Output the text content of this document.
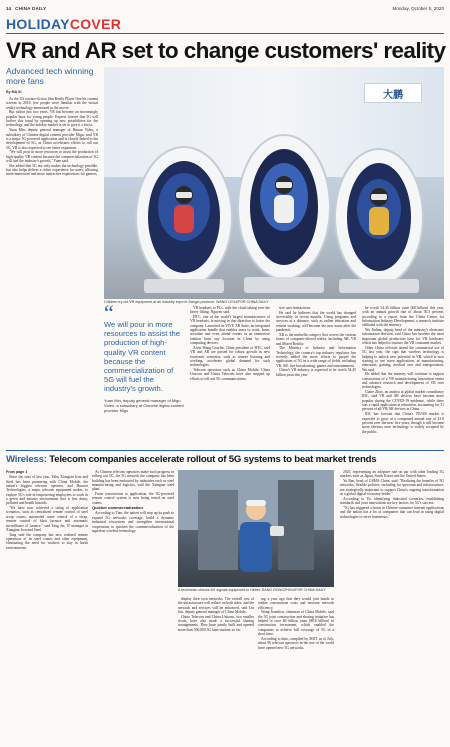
14 CHINA DAILY	Monday, October 5, 2020
HOLIDAYCOVER
VR and AR set to change customers' reality
Advanced tech winning more fans
By MA SI

As the US science-fiction film Ready Player One hit cinema screens in 2018, few people were familiar with the virtual reality technology mentioned in the movie.

But within just two years, VR has become an increasingly popular buzz for young people. Experts foresee that 5G will further this trend by opening up new possibilities for the technology, and the holiday market is set to give it a boost.

Yuan Min, deputy general manager of Hunan Video, a subsidiary of Chinese digital content provider Migu, said VR is a major 5G-powered application and is closely linked to the development of 5G, as China accelerates efforts to roll out 5G, VR is also expected to see faster expansion.

"We will pour in more resources to assist the production of high-quality VR content because the commercialization of 5G will fuel the industry's growth," Yuan said.

She added that 5G not only makes the technology possible, but also helps deliver a richer experience for users, allowing more immersive and more interactive experiences for gamers.

大鹏
Children try out VR equipment at an industry expo in Jiangxi province. WANG LEIXI/FOR CHINA DAILY
“
We will pour in more resources to assist the production of high-quality VR content because the commercialization of 5G will fuel the industry's growth.
Yuan Min, deputy general manager of Migu Video, a subsidiary of Chinese digital content provider Migu

VR headsets to PCs, with the cloud taking over the heavy lifting, Nguyen said.

HTC, one of the world's largest manufacturers of VR headsets, is moving in that direction to foster the company. Launched its VIVE XR Suite, an integrated application bundle that enables users to work, learn, socialize and even attend events in an immersive fashion from any location in China by using computing devices.

Alvin Wang Graylin, China president of HTC, said VR and AR are poised for robust growth as new economic scenarios, such as remote learning and working, accelerate global demand for such technologies.

Telecom operators such as China Mobile, China Unicom and China Telecom have also stepped up efforts to roll out 5G communications.

sive user interactions.

He said he believes that the world has changed irreversibly in recent months. Using programs and services at a distance, such as online education and remote working, will become the new norm after the pandemic.

XR is the umbrella category that covers the various forms of computer-altered reality, including AR, VR and Mixed Reality.

The Ministry of Industry and Information Technology, the country's top industry regulator, has recently added the more efforts to propel the application of 5G in a wide range of fields, including VR, AR, live broadcasting, games and entertainment.

China's VR industry is expected to be worth 54.45 billion yuan this year.

be worth 54.45 billion yuan ($8 billion) this year, with an annual growth rate of about 30.3 percent, according to a report from the China Center for Information Industry Development, a research institute affiliated with the ministry.

Wu Jinlian, deputy head of the ministry's electronic information division, said China has become the most important global production base for VR hardware, which has helped to nurture the VR consumer market.

Other China officials attend the commercial use of 5G last year, the sign that wireless technology is helping to unlock new potential in VR, which is now starting to see more applications in manufacturing, education, gaming, medical care and transportation, Wu said.

He added that the ministry will continue to support construction of a VR manufacturing innovation center and advance research and development of VR core technologies.

Claire Zhao, an analyst at global market consultancy IDC, said VR and AR devices have become more popular during the COVID-19 epidemic, while there was a rapid application in education, accounting for 31 percent of all VR/AR devices in China.

IDC has forecast that China's VR/AR market is expected to grow at a compound annual rate of 43.8 percent over the next five years, though it will become more obvious once technology is widely accepted by the public.

Wireless: Telecom companies accelerate rollout of 5G systems to beat market trends
From page 1

Since the start of last year, Yahu Xiangtan Iron and Steel has been partnering with China Mobile, the nation's biggest telecom operator, and Huawei Technologies, a major telecom equipment maker, to explore 5G's role in empowering employees to work in a green and smarter environment that is less dusty, polluted and health hazards.

"We have now achieved a string of application scenarios, such as centralized remote control of steel scrap cranes, automated crane control of a scrap, remote control of blast furnace and automatic surveillance of furnace," said Tang Jin, IT manager at Xiangtan Iron and Steel.

Tang said the company has now realized remote operations of its steel cranes and other equipment, eliminating the need for workers to stay in harsh environments.

As Chinese telecom operators make such progress in rolling out 5G, the 5G network the company has been building has been embraced by industries such as steel manufacturing and logistics, said the Xiangtan steel plant.

From construction to application, the 5G-powered remote control system is now being tested on steel cranes.

Quicker commercialization

According to Tian, the nation will step up its push to expand 5G networks coverage, build a dynamic industrial ecosystem and strengthen international cooperation to quicken the commercialization of the superfast wireless technology.

A technician checks 5G signals equipment in Hebei. JIANG DONGZHOU/FOR CHINA DAILY

display their own networks. The overall cost of the infrastructure will reduce on both sides, and the network and services will be enhanced, said Lin Jun, deputy general manager of China Mobile.

China Telecom and China Unicom, two smaller rivals, have also made a successful sharing arrangements. They have jointly built and opened more than 300,000 5G base stations so far.

ing a year ago that they would join hands to realize construction costs and increase network efficiency.

Wang Jianzhou, chairman of China Mobile, said the 5G joint construction and sharing initiative has helped to save 60 billion yuan ($8.8 billion) in construction investment, which enabled the companies to achieve full coverage of 5G in a short time.

According to data, compiled by MIIT, as of July, about 96 telecom operators in the rest of the world have opened new 5G networks.

2025, representing an adoptive rate on par with other leading 5G markets such as Japan, South Korea and the United States.

Yu Ran, head of GSMA China, said, "Realizing the benefits of 5G networks, flexible policies, including for spectrum and infrastructure, are strategically important to support China's ongoing transformation as a global digital economy leader."

According to Yu, identifying industrial scenarios, establishing standards and joint innovations are key factors for 5G's success.

"5G has triggered a boom in Chinese consumer internet applications and the nation has a lot of companies that can lead in using digital technologies to serve businesses."
